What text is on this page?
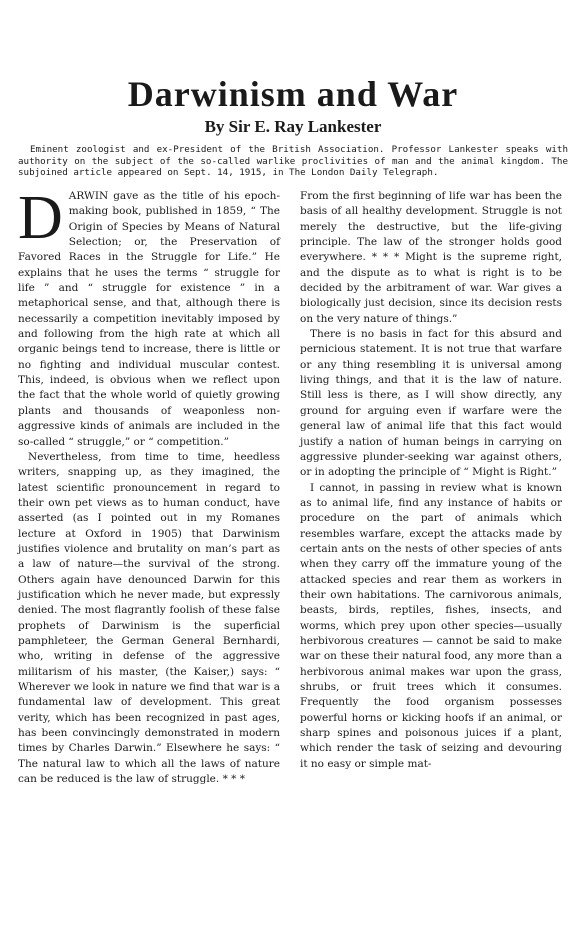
Darwinism and War
By Sir E. Ray Lankester

Eminent zoologist and ex-President of the British Association. Professor Lankester speaks with authority on the subject of the so-called warlike proclivities of man and the animal kingdom. The subjoined article appeared on Sept. 14, 1915, in The London Daily Telegraph.

DARWIN gave as the title of his epoch-making book, published in 1859, “ The Origin of Species by Means of Natural Selection; or, the Preservation of Favored Races in the Struggle for Life.” He explains that he uses the terms “ struggle for life ” and “ struggle for existence ” in a metaphorical sense, and that, although there is necessarily a competition inevitably imposed by and following from the high rate at which all organic beings tend to increase, there is little or no fighting and individual muscular contest. This, indeed, is obvious when we reflect upon the fact that the whole world of quietly growing plants and thousands of weaponless non-aggressive kinds of animals are included in the so-called “ struggle,” or “ competition.”

Nevertheless, from time to time, heedless writers, snapping up, as they imagined, the latest scientific pronouncement in regard to their own pet views as to human conduct, have asserted (as I pointed out in my Romanes lecture at Oxford in 1905) that Darwinism justifies violence and brutality on man’s part as a law of nature—the survival of the strong. Others again have denounced Darwin for this justification which he never made, but expressly denied. The most flagrantly foolish of these false prophets of Darwinism is the superficial pamphleteer, the German General Bernhardi, who, writing in defense of the aggressive militarism of his master, (the Kaiser,) says: “ Wherever we look in nature we find that war is a fundamental law of development. This great verity, which has been recognized in past ages, has been convincingly demonstrated in modern times by Charles Darwin.” Elsewhere he says: “ The natural law to which all the laws of nature can be reduced is the law of struggle. * * *

From the first beginning of life war has been the basis of all healthy development. Struggle is not merely the destructive, but the life-giving principle. The law of the stronger holds good everywhere. * * * Might is the supreme right, and the dispute as to what is right is to be decided by the arbitrament of war. War gives a biologically just decision, since its decision rests on the very nature of things.”

There is no basis in fact for this absurd and pernicious statement. It is not true that warfare or any thing resembling it is universal among living things, and that it is the law of nature. Still less is there, as I will show directly, any ground for arguing even if warfare were the general law of animal life that this fact would justify a nation of human beings in carrying on aggressive plunder-seeking war against others, or in adopting the principle of “ Might is Right.”

I cannot, in passing in review what is known as to animal life, find any instance of habits or procedure on the part of animals which resembles warfare, except the attacks made by certain ants on the nests of other species of ants when they carry off the immature young of the attacked species and rear them as workers in their own habitations. The carnivorous animals, beasts, birds, reptiles, fishes, insects, and worms, which prey upon other species—usually herbivorous creatures — cannot be said to make war on these their natural food, any more than a herbivorous animal makes war upon the grass, shrubs, or fruit trees which it consumes. Frequently the food organism possesses powerful horns or kicking hoofs if an animal, or sharp spines and poisonous juices if a plant, which render the task of seizing and devouring it no easy or simple mat-
